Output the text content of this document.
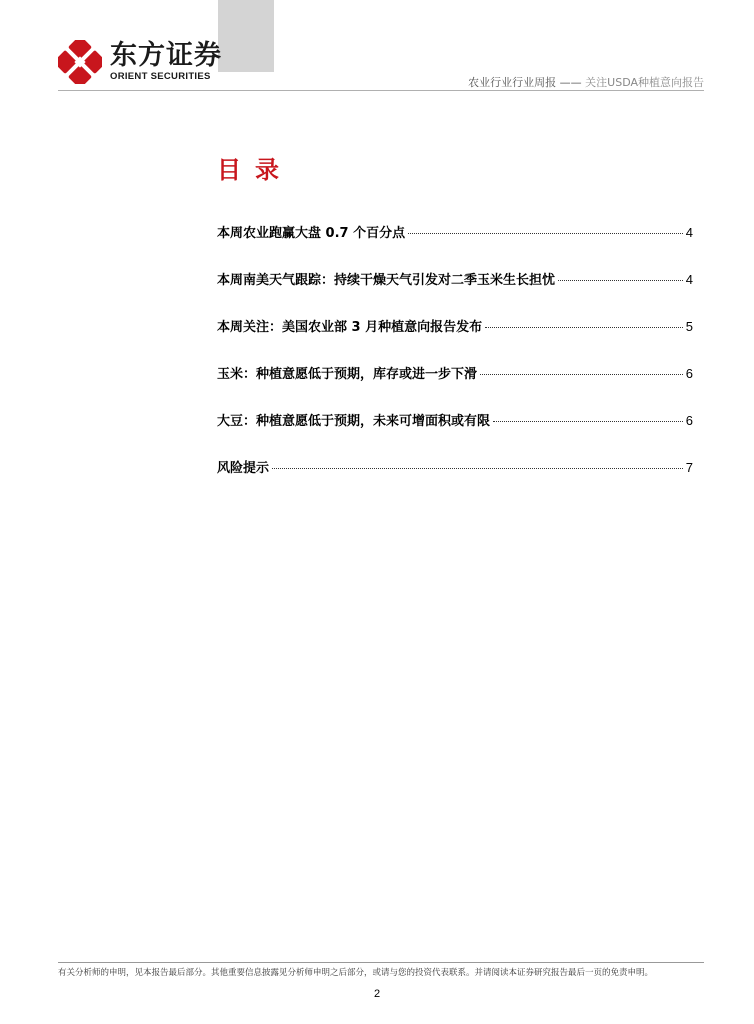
东方证券
ORIENT SECURITIES	农业行业行业周报 —— 关注USDA种植意向报告
目录
本周农业跑赢大盘 0.7 个百分点	4
本周南美天气跟踪：持续干燥天气引发对二季玉米生长担忧	4
本周关注：美国农业部 3 月种植意向报告发布	5
玉米：种植意愿低于预期，库存或进一步下滑	6
大豆：种植意愿低于预期，未来可增面积或有限	6
风险提示	7
有关分析师的申明，见本报告最后部分。其他重要信息披露见分析师申明之后部分，或请与您的投资代表联系。并请阅读本证券研究报告最后一页的免责申明。
2
